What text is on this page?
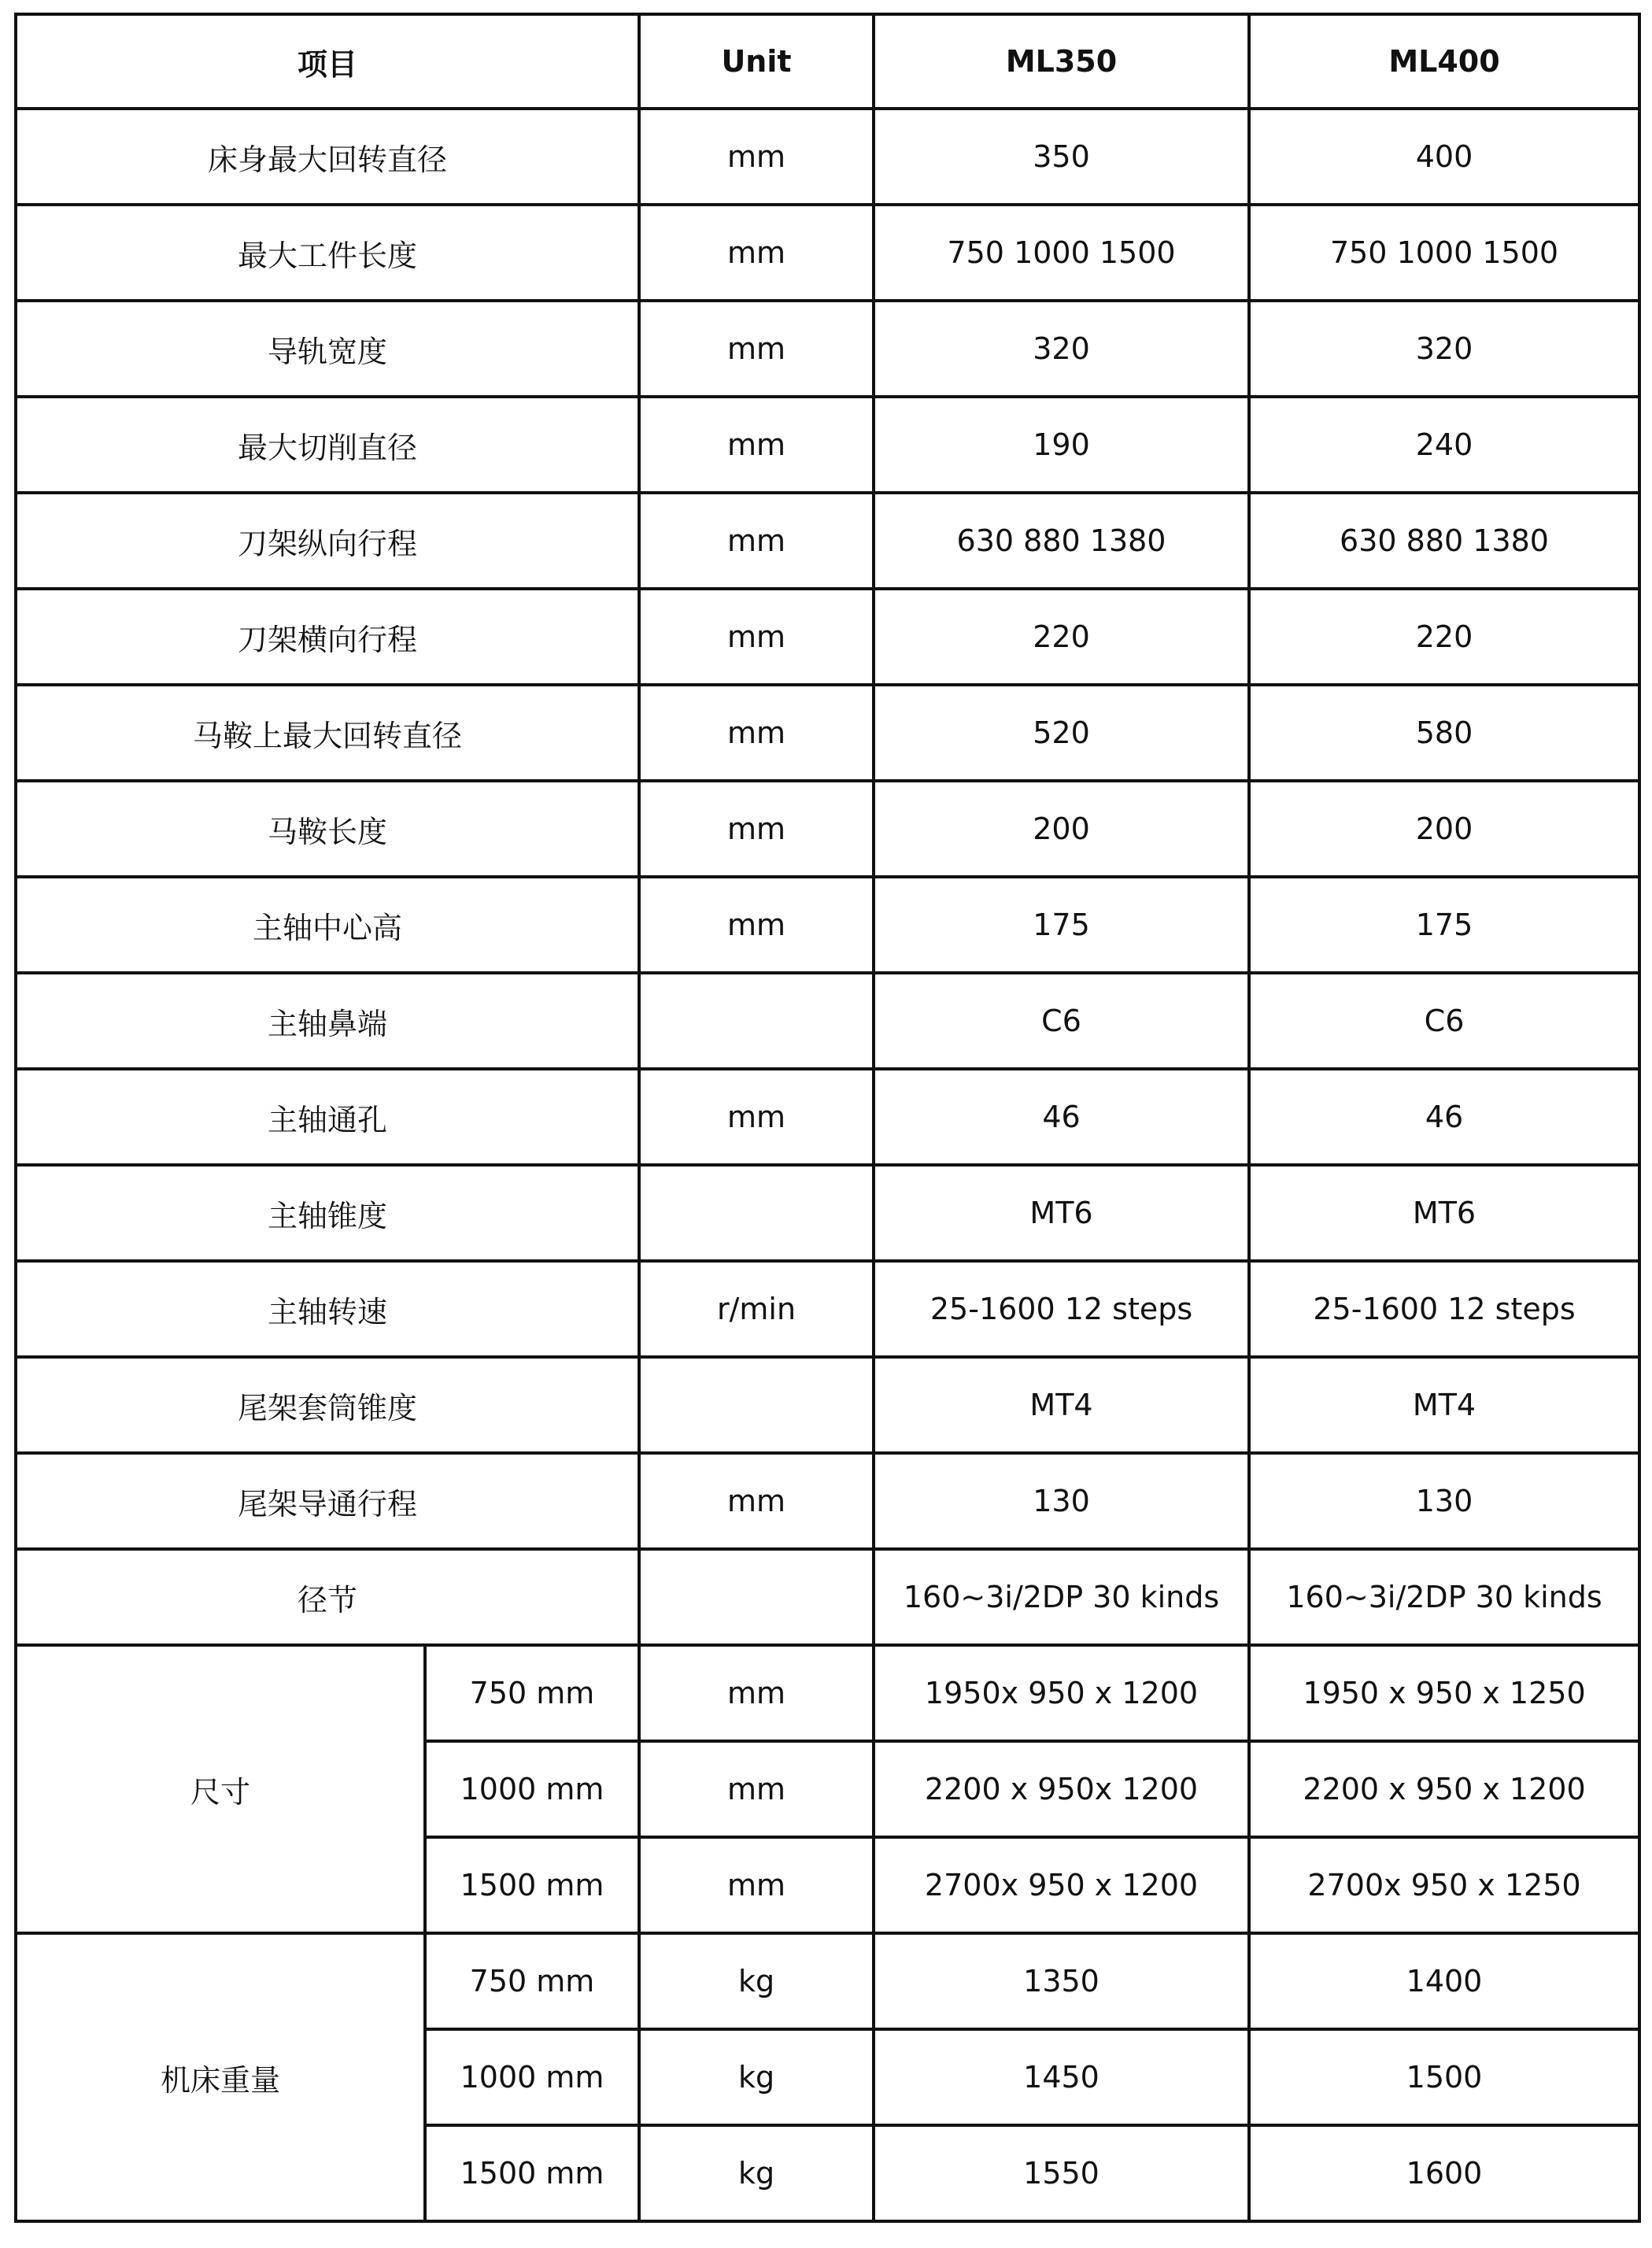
项目		Unit	ML350	ML400
床身最大回转直径		mm	350	400
最大工件长度		mm	750 1000 1500	750 1000 1500
导轨宽度		mm	320	320
最大切削直径		mm	190	240
刀架纵向行程		mm	630 880 1380	630 880 1380
刀架横向行程		mm	220	220
马鞍上最大回转直径		mm	520	580
马鞍长度		mm	200	200
主轴中心高		mm	175	175
主轴鼻端			C6	C6
主轴通孔		mm	46	46
主轴锥度			MT6	MT6
主轴转速		r/min	25-1600 12 steps	25-1600 12 steps
尾架套筒锥度			MT4	MT4
尾架导通行程		mm	130	130
径节			160~3i/2DP 30 kinds	160~3i/2DP 30 kinds
尺寸	750 mm	mm	1950x 950 x 1200	1950 x 950 x 1250
	1000 mm	mm	2200 x 950x 1200	2200 x 950 x 1200
	1500 mm	mm	2700x 950 x 1200	2700x 950 x 1250
机床重量	750 mm	kg	1350	1400
	1000 mm	kg	1450	1500
	1500 mm	kg	1550	1600
